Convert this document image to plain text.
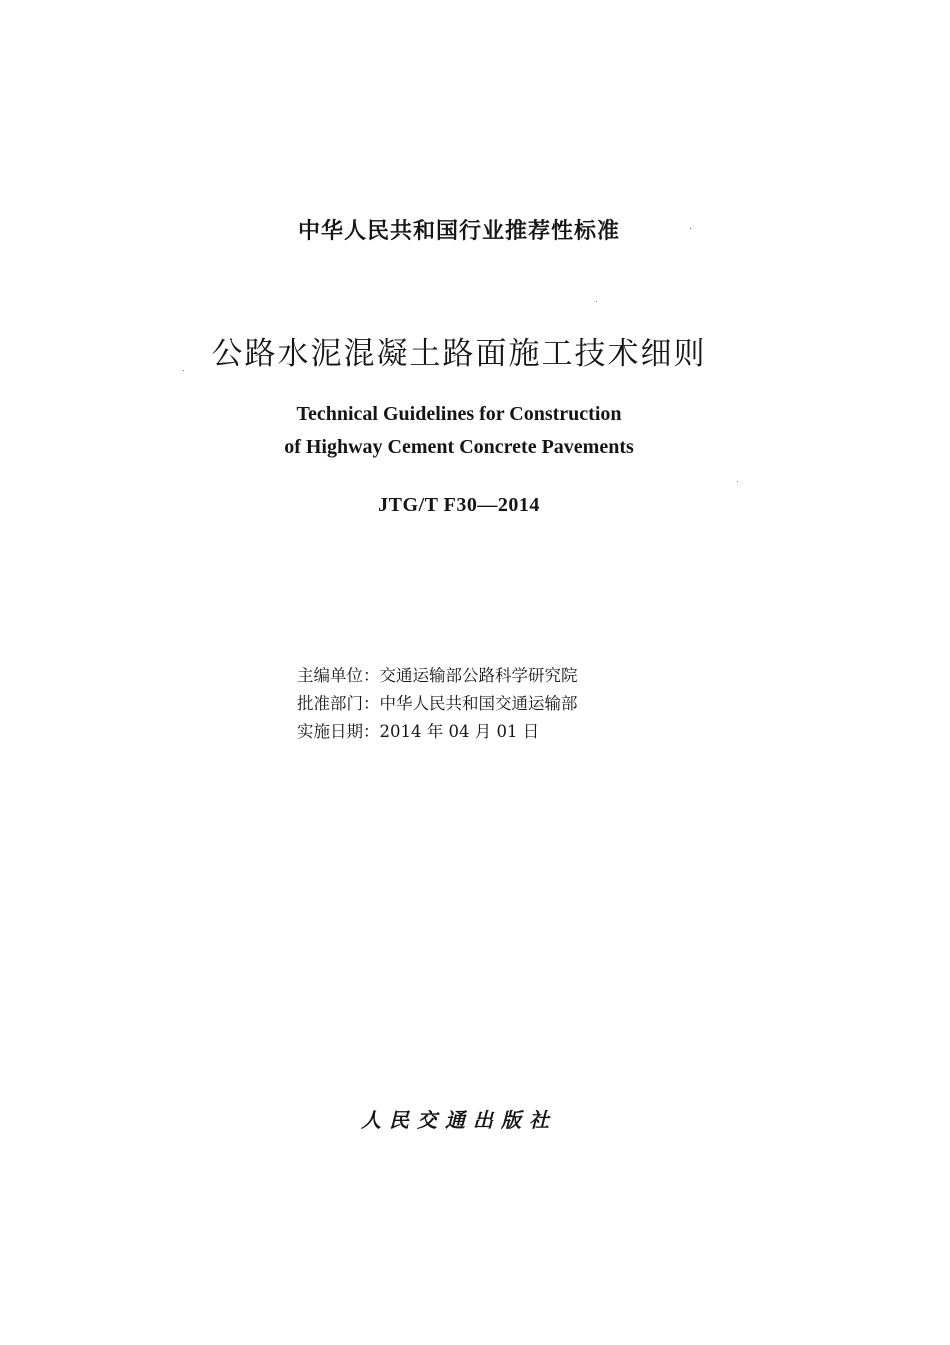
中华人民共和国行业推荐性标准
公路水泥混凝土路面施工技术细则
Technical Guidelines for Construction
of Highway Cement Concrete Pavements
JTG/T F30—2014
主编单位：交通运输部公路科学研究院
批准部门：中华人民共和国交通运输部
实施日期：2014 年 04 月 01 日
人民交通出版社
